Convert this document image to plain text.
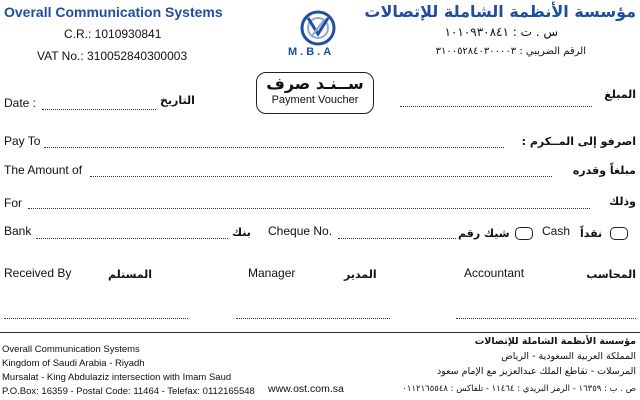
Overall Communication Systems
C.R.: 1010930841
VAT No.: 310052840300003
مؤسسة الأنظمة الشاملة للإتصالات
س . ت : ١٠١٠٩٣٠٨٤١
الرقم الضريبي : ٣١٠٠٥٢٨٤٠٣٠٠٠٠٣
M.B.A
ســنـد صرف
Payment Voucher
Date :	التاريخ	المبلغ
Pay To	اصرفو إلى المــكرم :
The Amount of	مبلغاً وقدره
For	وذلك
Bank	بنك Cheque No.	شيك رقم	Cash نقداً
Received By	المستلم	Manager	المدير	Accountant	المحاسب
Overall Communication Systems
Kingdom of Saudi Arabia - Riyadh
Mursalat - King Abdulaziz intersection with Imam Saud
P.O.Box: 16359 - Postal Code: 11464 - Telefax: 0112165548
مؤسسة الأنظمة الشاملة للإتصالات
المملكة العربية السعودية - الرياض
المرسلات - تقاطع الملك عبدالعزيز مع الإمام سعود
www.ost.com.sa	ص . ب : ١٦٣٥٩ - الرمز البريدي : ١١٤٦٤ - تلفاكس : ٠١١٢١٦٥٥٤٨
